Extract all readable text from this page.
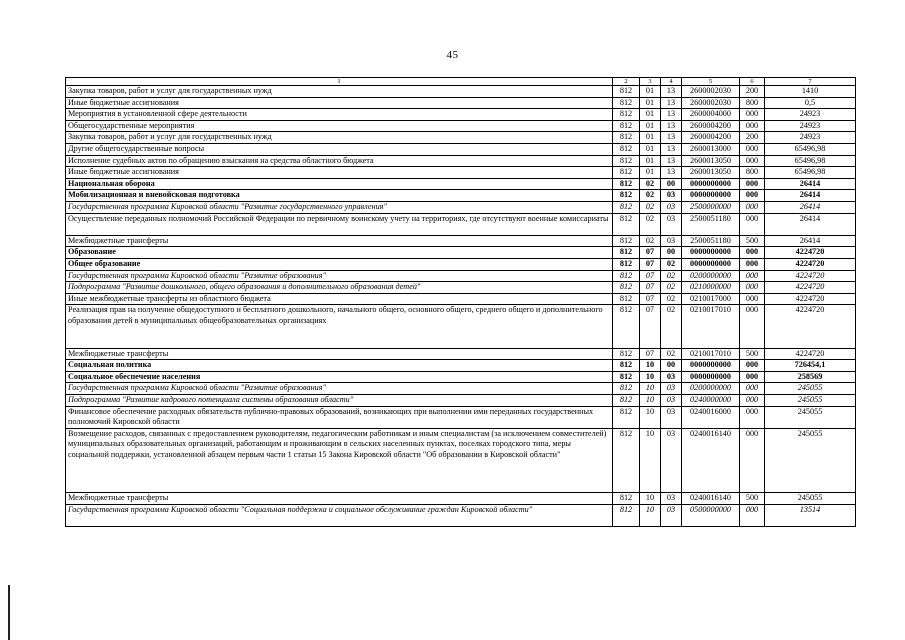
45
1	2	3	4	5	6	7
Закупка товаров, работ и услуг для государственных нужд	812	01	13	2600002030	200	1410
Иные бюджетные ассигнования	812	01	13	2600002030	800	0,5
Мероприятия в установленной сфере деятельности	812	01	13	2600004000	000	24923
Общегосударственные мероприятия	812	01	13	2600004200	000	24923
Закупка товаров, работ и услуг для государственных нужд	812	01	13	2600004200	200	24923
Другие общегосударственные вопросы	812	01	13	2600013000	000	65496,98
Исполнение судебных актов по обращению взыскания на средства областного бюджета	812	01	13	2600013050	000	65496,98
Иные бюджетные ассигнования	812	01	13	2600013050	800	65496,98
Национальная оборона	812	02	00	0000000000	000	26414
Мобилизационная и вневойсковая подготовка	812	02	03	0000000000	000	26414
Государственная программа Кировской области "Развитие государственного управления"	812	02	03	2500000000	000	26414
Осуществление переданных полномочий Российской Федерации по первичному воинскому учету на территориях, где отсутствуют военные комиссариаты	812	02	03	2500051180	000	26414
Межбюджетные трансферты	812	02	03	2500051180	500	26414
Образование	812	07	00	0000000000	000	4224720
Общее образование	812	07	02	0000000000	000	4224720
Государственная программа Кировской области "Развитие образования"	812	07	02	0200000000	000	4224720
Подпрограмма "Развитие дошкольного, общего образования и дополнительного образования детей"	812	07	02	0210000000	000	4224720
Иные межбюджетные трансферты из областного бюджета	812	07	02	0210017000	000	4224720
Реализация прав на получение общедоступного и бесплатного дошкольного, начального общего, основного общего, среднего общего и дополнительного образования детей в муниципальных общеобразовательных организациях	812	07	02	0210017010	000	4224720
Межбюджетные трансферты	812	07	02	0210017010	500	4224720
Социальная политика	812	10	00	0000000000	000	726454,1
Социальное обеспечение населения	812	10	03	0000000000	000	258569
Государственная программа Кировской области "Развитие образования"	812	10	03	0200000000	000	245055
Подпрограмма "Развитие кадрового потенциала системы образования области"	812	10	03	0240000000	000	245055
Финансовое обеспечение расходных обязательств публично-правовых образований, возникающих при выполнении ими переданных государственных полномочий Кировской области	812	10	03	0240016000	000	245055
Возмещение расходов, связанных с предоставлением руководителям, педагогическим работникам и иным специалистам (за исключением совместителей) муниципальных образовательных организаций, работающим и проживающим в сельских населенных пунктах, поселках городского типа, меры социальной поддержки, установленной абзацем первым части 1 статьи 15 Закона Кировской области "Об образовании в Кировской области"	812	10	03	0240016140	000	245055
Межбюджетные трансферты	812	10	03	0240016140	500	245055
Государственная программа Кировской области "Социальная поддержка и социальное обслуживание граждан Кировской области"	812	10	03	0500000000	000	13514
